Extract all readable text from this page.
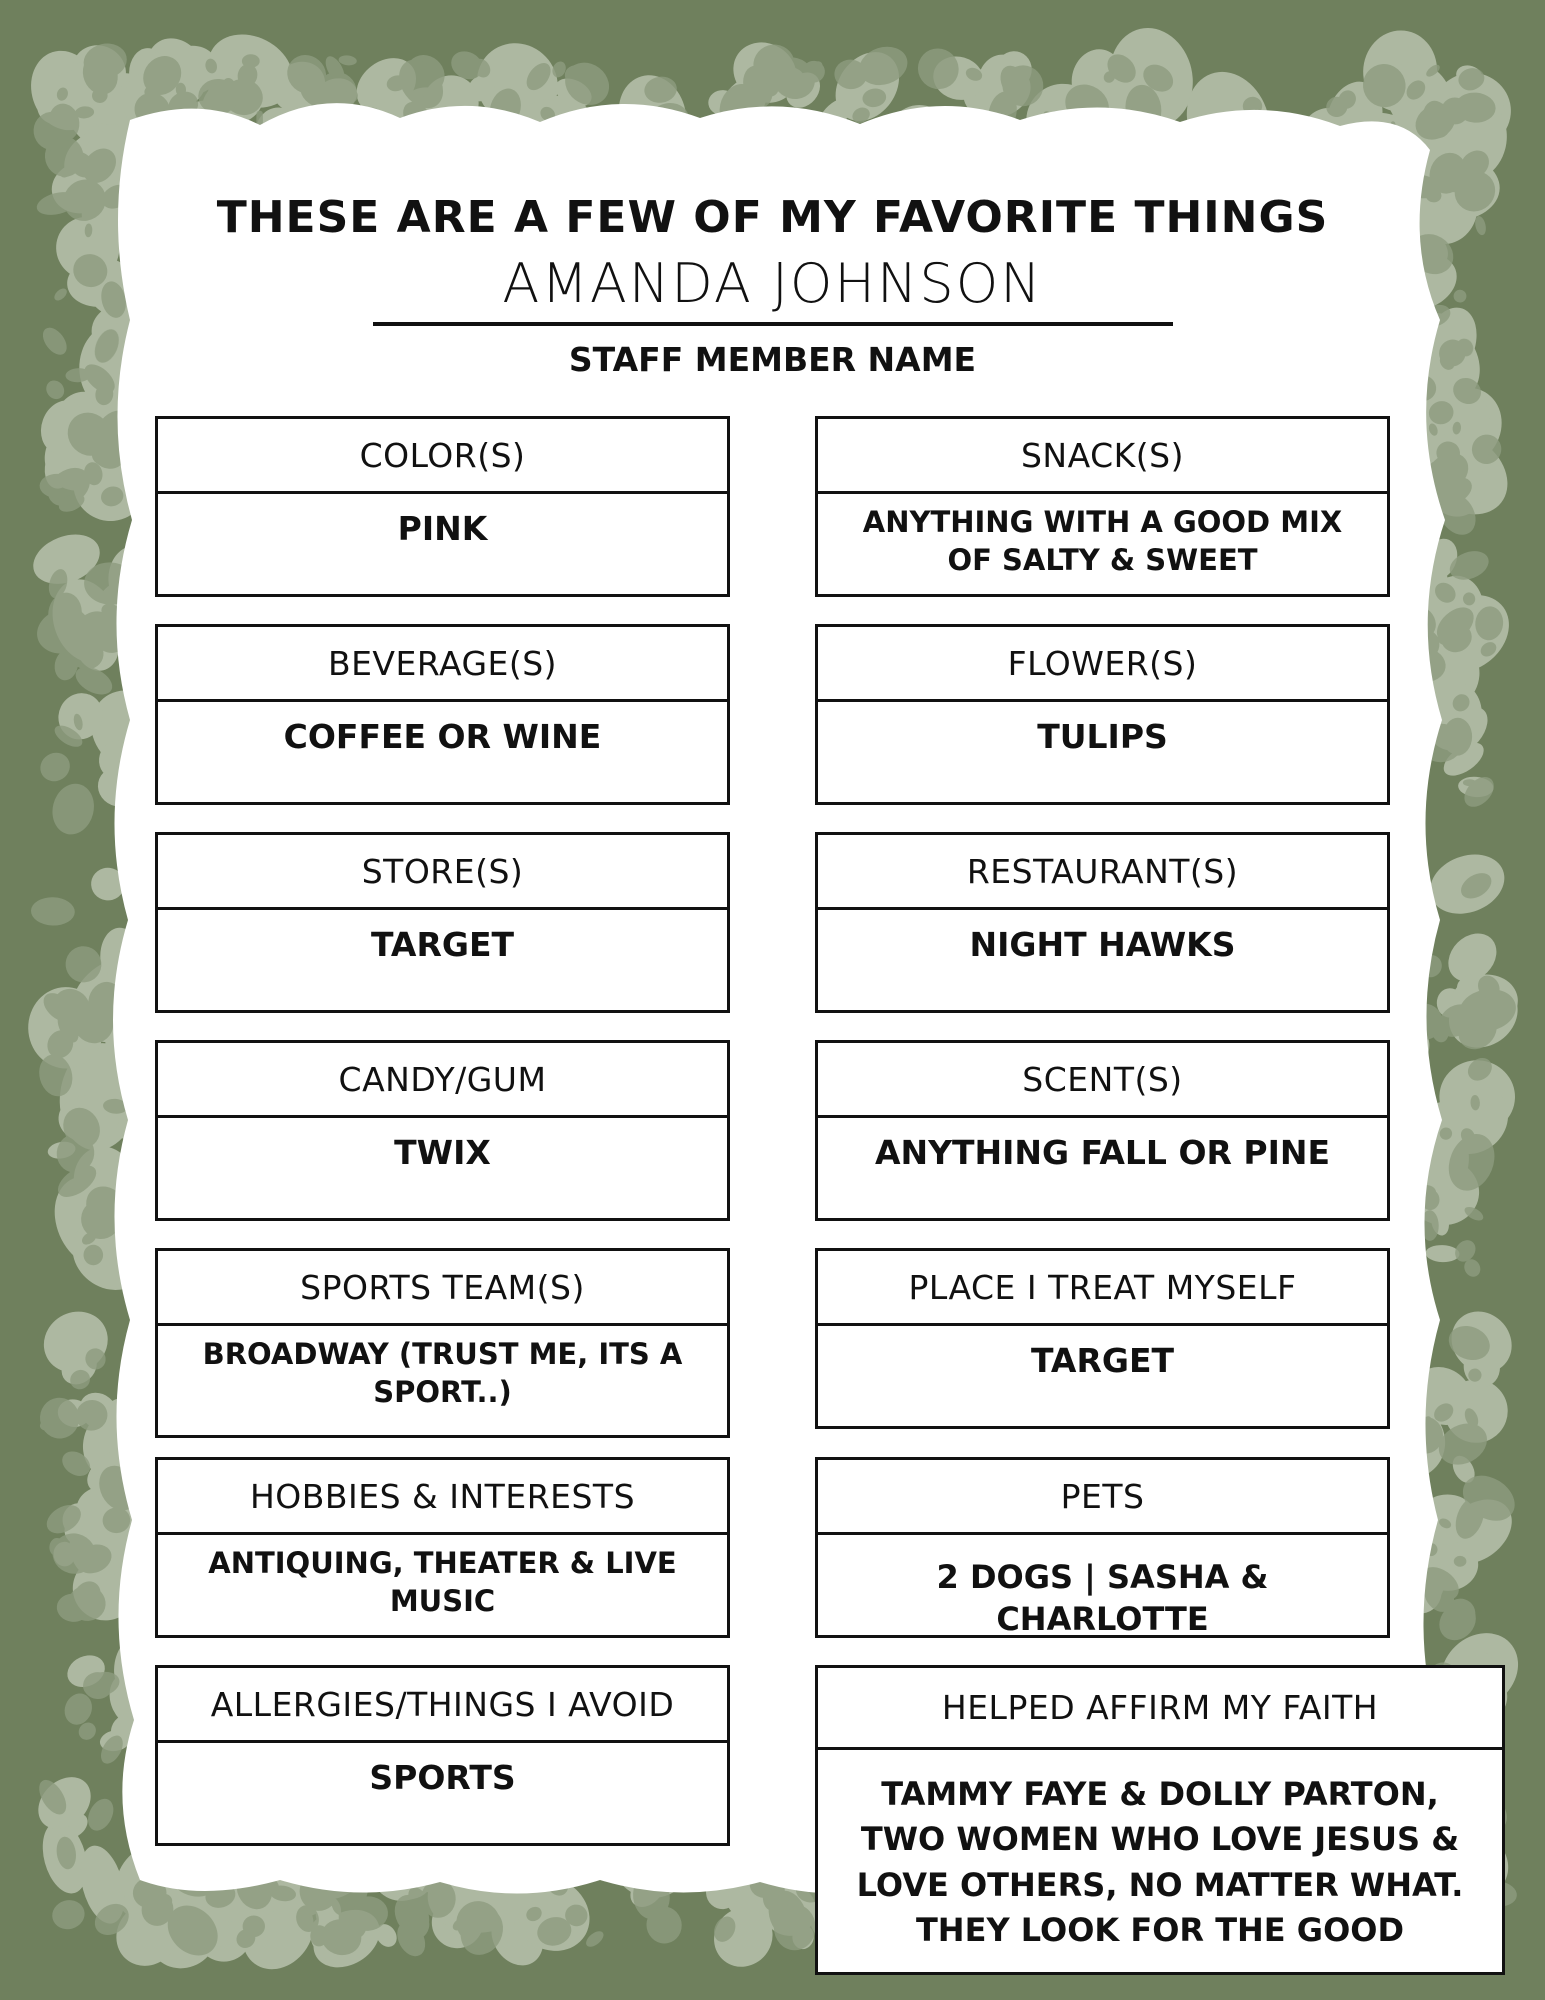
THESE ARE A FEW OF MY FAVORITE THINGS
AMANDA JOHNSON
STAFF MEMBER NAME
COLOR(S)
PINK
BEVERAGE(S)
COFFEE OR WINE
STORE(S)
TARGET
CANDY/GUM
TWIX
SPORTS TEAM(S)
BROADWAY (TRUST ME, ITS A SPORT..)
HOBBIES & INTERESTS
ANTIQUING, THEATER & LIVE MUSIC
ALLERGIES/THINGS I AVOID
SPORTS
SNACK(S)
ANYTHING WITH A GOOD MIX OF SALTY & SWEET
FLOWER(S)
TULIPS
RESTAURANT(S)
NIGHT HAWKS
SCENT(S)
ANYTHING FALL OR PINE
PLACE I TREAT MYSELF
TARGET
PETS
2 DOGS | SASHA & CHARLOTTE
HELPED AFFIRM MY FAITH
TAMMY FAYE & DOLLY PARTON, TWO WOMEN WHO LOVE JESUS & LOVE OTHERS, NO MATTER WHAT. THEY LOOK FOR THE GOOD
